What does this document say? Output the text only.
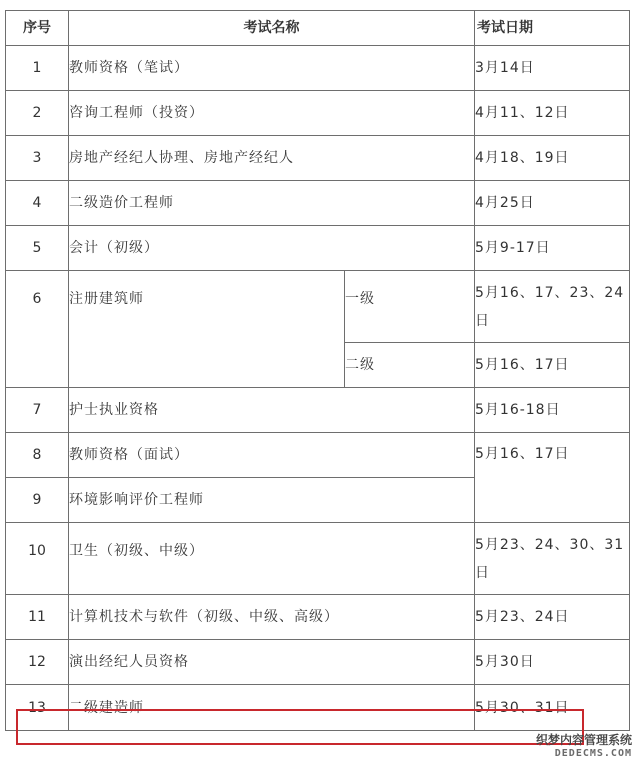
序号	考试名称		考试日期
1	教师资格（笔试）		3月14日
2	咨询工程师（投资）		4月11、12日
3	房地产经纪人协理、房地产经纪人		4月18、19日
4	二级造价工程师		4月25日
5	会计（初级）		5月9-17日

6	注册建筑师	一级	5月16、17、23、24日
		二级	5月16、17日
7	护士执业资格		5月16-18日
8	教师资格（面试）		5月16、17日

9	环境影响评价工程师		

10	卫生（初级、中级）		5月23、24、30、31日
11	计算机技术与软件（初级、中级、高级）		5月23、24日
12	演出经纪人员资格		5月30日
13	二级建造师		5月30、31日
织梦内容管理系统
DEDECMS.COM
